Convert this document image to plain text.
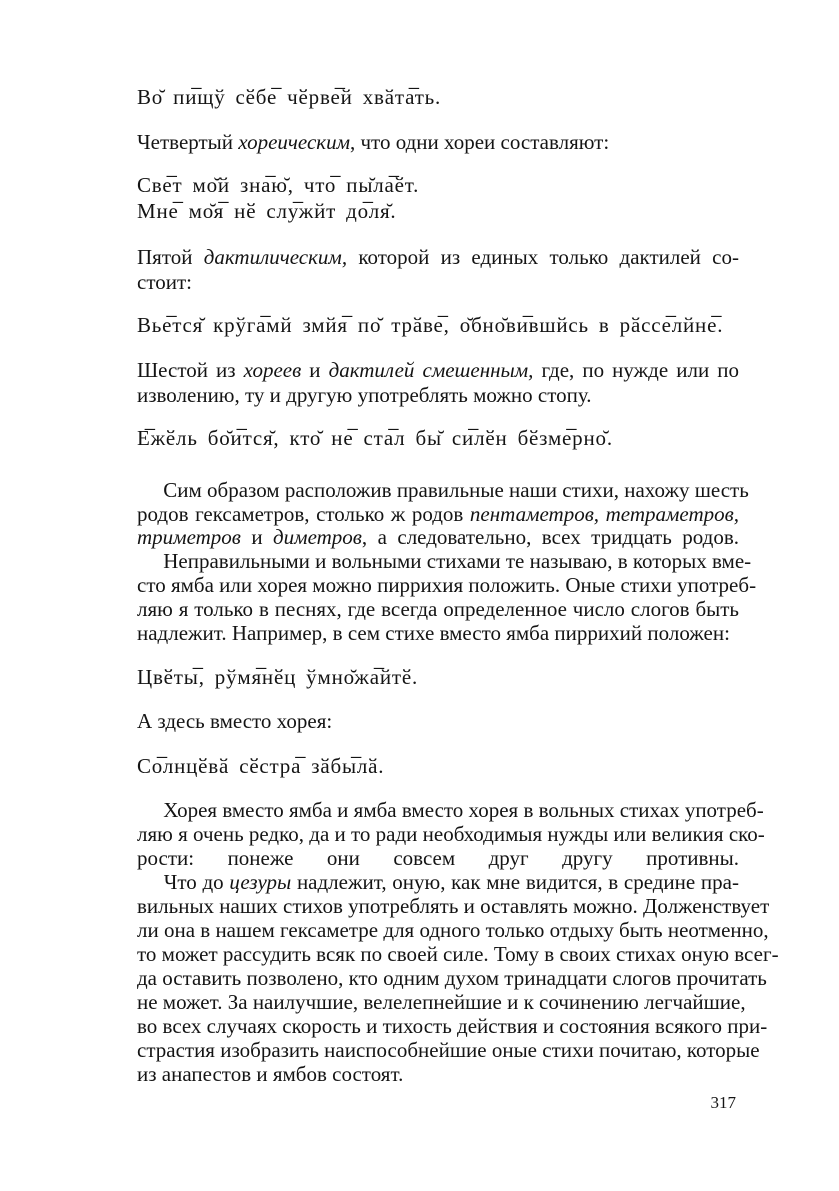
Во̆ пи̅щў сӗбе̅ чӗрве̅й хвӑта̅ть.
Четвертый хореическим, что одни хореи составляют:
Све̅т мо̆й зна̅ю̆, что̅ пы̆ла̅ӗт.
Мне̅ мо̆я̅ нӗ слу̅жйт до̅ля̆.
Пятой дактилическим, которой из единых только дактилей со-
стоит:
Вье̅тся̆ крўга̅мй змйя̅ по̆ трӑве̅, о̆бно̆ви̅вшйсь в рӑссе̅лйне̅.
Шестой из хореев и дактилей смешенным, где, по нужде или по
изволению, ту и другую употреблять можно стопу.
Е̅жӗль бо̆и̅тся̆, кто̆ не̅ ста̅л бы̆ си̅лӗн бӗзме̅рно̆.
  Сим образом расположив правильные наши стихи, нахожу шесть
родов гексаметров, столько ж родов пентаметров, тетраметров,
триметров и диметров, а следовательно, всех тридцать родов.
  Неправильными и вольными стихами те называю, в которых вме-
сто ямба или хорея можно пиррихия положить. Оные стихи употреб-
ляю я только в песнях, где всегда определенное число слогов быть
надлежит. Например, в сем стихе вместо ямба пиррихий положен:
Цвӗты̅, рўмя̅нӗц ўмно̆жа̅йтӗ.
А здесь вместо хорея:
Со̅лнцӗвӑ сӗстра̅ зӑбы̅лӑ.
  Хорея вместо ямба и ямба вместо хорея в вольных стихах употреб-
ляю я очень редко, да и то ради необходимыя нужды или великия ско-
рости: понеже они совсем друг другу противны.
  Что до цезуры надлежит, оную, как мне видится, в средине пра-
вильных наших стихов употреблять и оставлять можно. Долженствует
ли она в нашем гексаметре для одного только отдыху быть неотменно,
то может рассудить всяк по своей силе. Тому в своих стихах оную всег-
да оставить позволено, кто одним духом тринадцати слогов прочитать
не может. За наилучшие, велелепнейшие и к сочинению легчайшие,
во всех случаях скорость и тихость действия и состояния всякого при-
страстия изобразить наиспособнейшие оные стихи почитаю, которые
из анапестов и ямбов состоят.
317
